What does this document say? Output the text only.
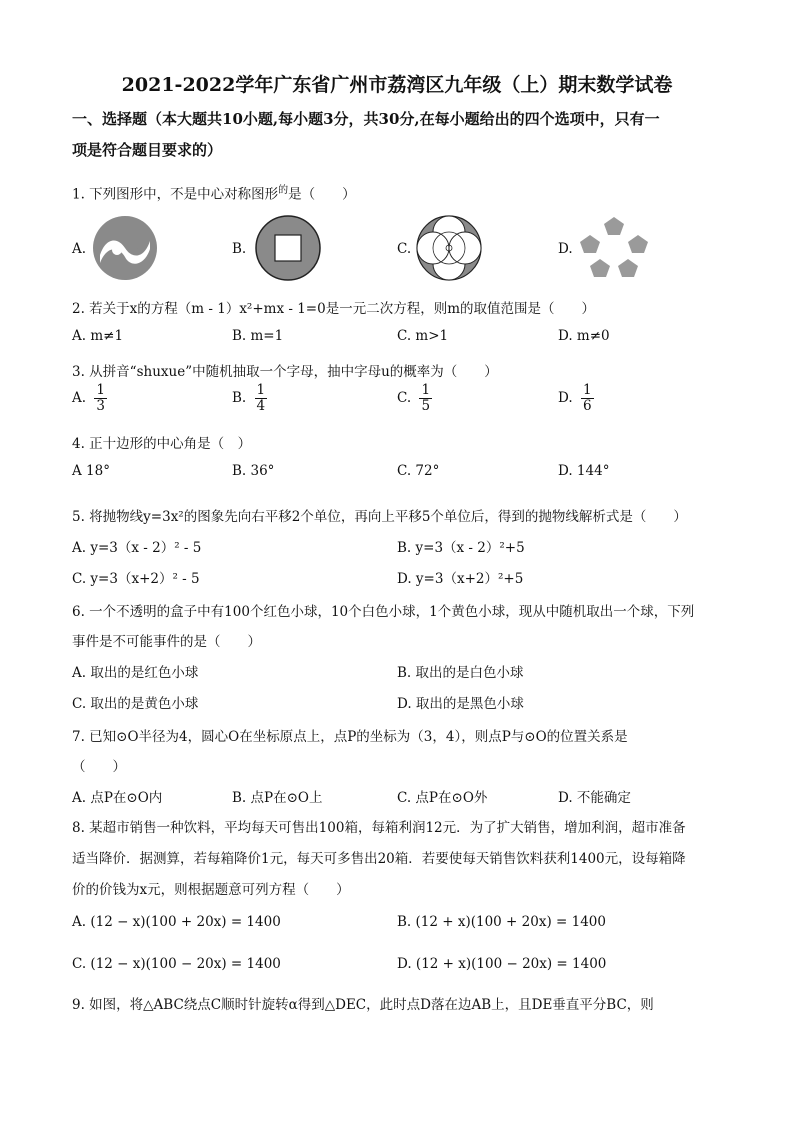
2021-2022学年广东省广州市荔湾区九年级（上）期末数学试卷
一、选择题（本大题共10小题,每小题3分，共30分,在每小题给出的四个选项中，只有一
项是符合题目要求的）
1. 下列图形中，不是中心对称图形$^的$是（　　）
A.	B.	C.	D.
2. 若关于x的方程（m - 1）x²+mx - 1=0是一元二次方程，则m的取值范围是（　　）
A. m≠1	B. m=1	C. m>1	D. m≠0
3. 从拼音“shuxue”中随机抽取一个字母，抽中字母u的概率为（　　）
A. $\frac{1}{3}$	B. $\frac{1}{4}$	C. $\frac{1}{5}$	D. $\frac{1}{6}$
4. 正十边形的中心角是（　）
A 18°	B. 36°	C. 72°	D. 144°
5. 将抛物线y=3x²的图象先向右平移2个单位，再向上平移5个单位后，得到的抛物线解析式是（　　）
A. y=3（x - 2）² - 5	B. y=3（x - 2）²+5
C. y=3（x+2）² - 5	D. y=3（x+2）²+5
6. 一个不透明的盒子中有100个红色小球，10个白色小球，1个黄色小球，现从中随机取出一个球，下列
事件是不可能事件的是（　　）
A. 取出的是红色小球	B. 取出的是白色小球
C. 取出的是黄色小球	D. 取出的是黑色小球
7. 已知⊙O半径为4，圆心O在坐标原点上，点P的坐标为（3，4），则点P与⊙O的位置关系是
（　　）
A. 点P在⊙O内	B. 点P在⊙O上	C. 点P在⊙O外	D. 不能确定
8. 某超市销售一种饮料，平均每天可售出100箱，每箱利润12元．为了扩大销售，增加利润，超市准备
适当降价．据测算，若每箱降价1元，每天可多售出20箱．若要使每天销售饮料获利1400元，设每箱降
价的价钱为x元，则根据题意可列方程（　　）
A. (12 − x)(100 + 20x) = 1400	B. (12 + x)(100 + 20x) = 1400
C. (12 − x)(100 − 20x) = 1400	D. (12 + x)(100 − 20x) = 1400
9. 如图，将△ABC绕点C顺时针旋转α得到△DEC，此时点D落在边AB上，且DE垂直平分BC，则
